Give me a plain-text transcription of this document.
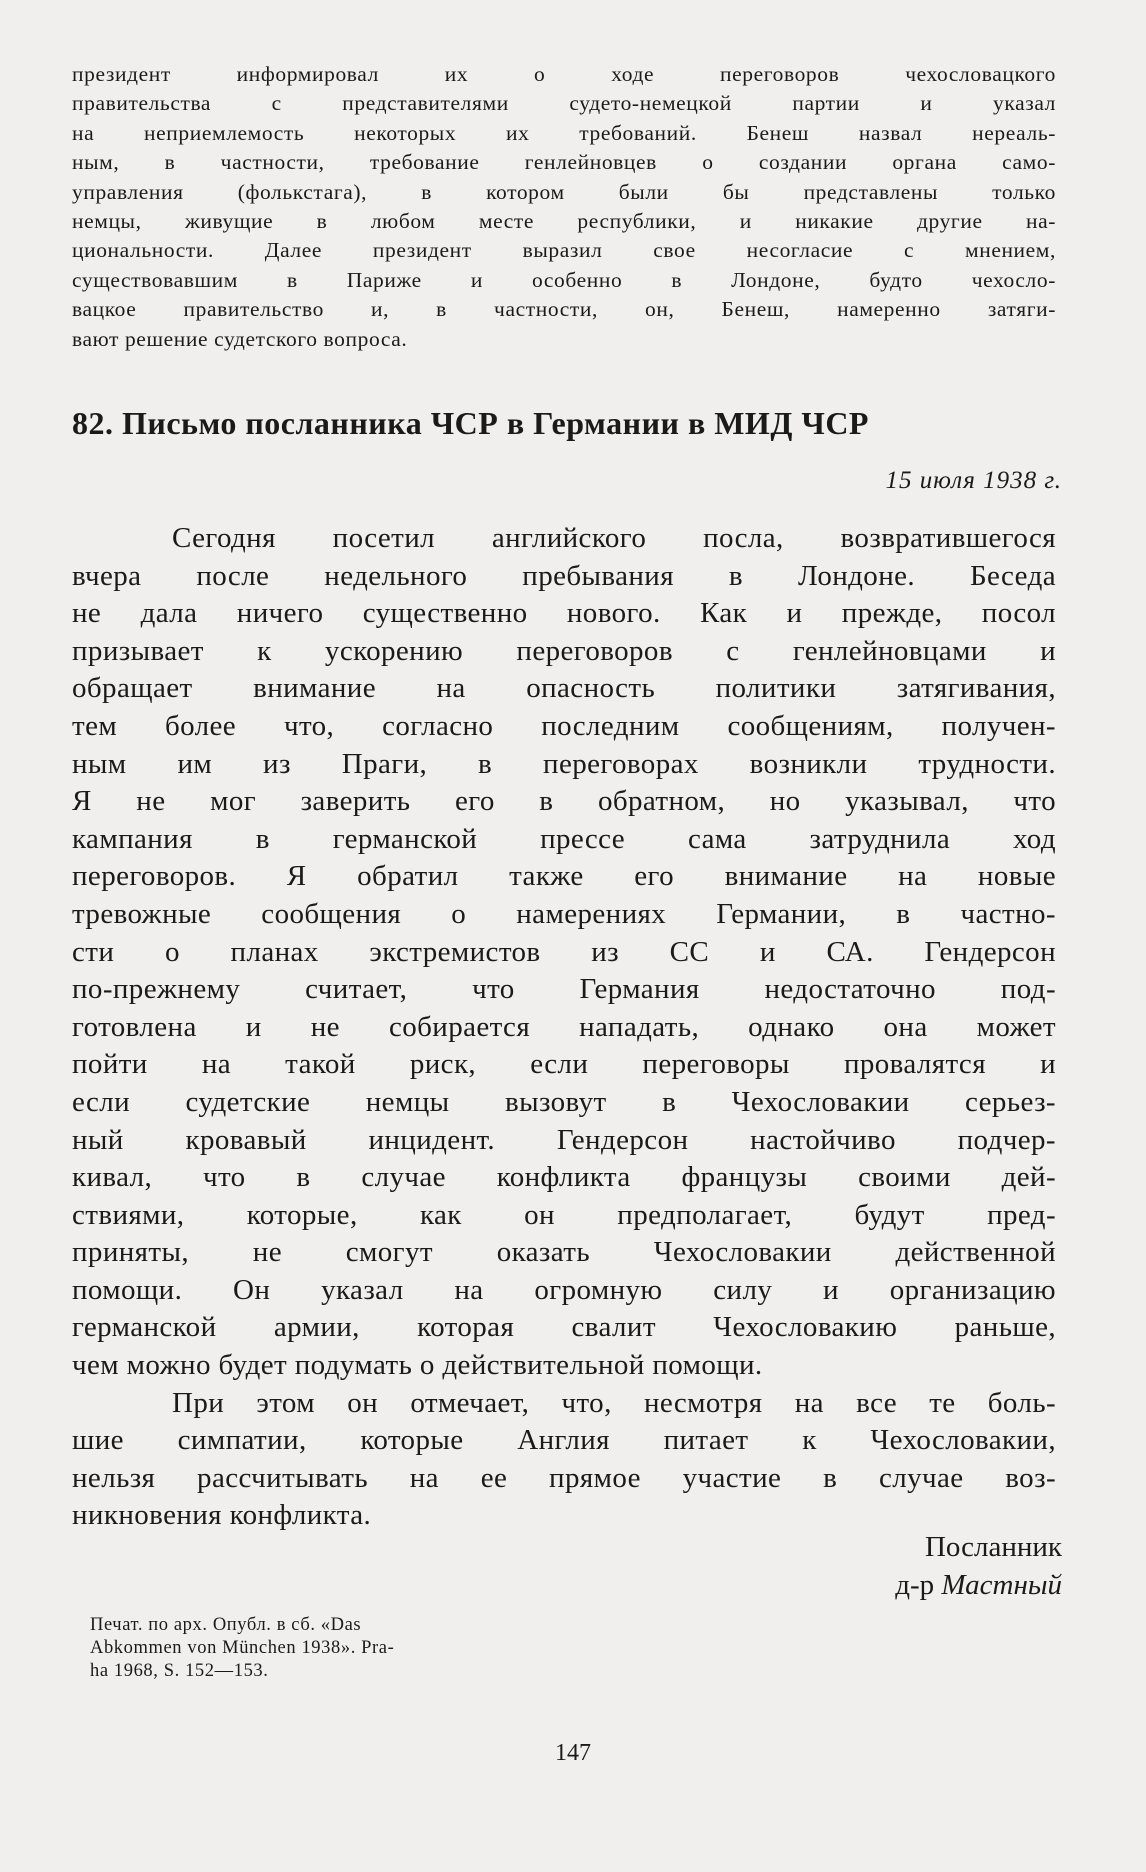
президент информировал их о ходе переговоров чехословацкого
правительства с представителями судето-немецкой партии и указал
на неприемлемость некоторых их требований. Бенеш назвал нереаль-
ным, в частности, требование генлейновцев о создании органа само-
управления (фолькстага), в котором были бы представлены только
немцы, живущие в любом месте республики, и никакие другие на-
циональности. Далее президент выразил свое несогласие с мнением,
существовавшим в Париже и особенно в Лондоне, будто чехосло-
вацкое правительство и, в частности, он, Бенеш, намеренно затяги-
вают решение судетского вопроса.
82. Письмо посланника ЧСР в Германии в МИД ЧСР
15 июля 1938 г.
Сегодня посетил английского посла, возвратившегося
вчера после недельного пребывания в Лондоне. Беседа
не дала ничего существенно нового. Как и прежде, посол
призывает к ускорению переговоров с генлейновцами и
обращает внимание на опасность политики затягивания,
тем более что, согласно последним сообщениям, получен-
ным им из Праги, в переговорах возникли трудности.
Я не мог заверить его в обратном, но указывал, что
кампания в германской прессе сама затруднила ход
переговоров. Я обратил также его внимание на новые
тревожные сообщения о намерениях Германии, в частно-
сти о планах экстремистов из СС и СА. Гендерсон
по-прежнему считает, что Германия недостаточно под-
готовлена и не собирается нападать, однако она может
пойти на такой риск, если переговоры провалятся и
если судетские немцы вызовут в Чехословакии серьез-
ный кровавый инцидент. Гендерсон настойчиво подчер-
кивал, что в случае конфликта французы своими дей-
ствиями, которые, как он предполагает, будут пред-
приняты, не смогут оказать Чехословакии действенной
помощи. Он указал на огромную силу и организацию
германской армии, которая свалит Чехословакию раньше,
чем можно будет подумать о действительной помощи.
При этом он отмечает, что, несмотря на все те боль-
шие симпатии, которые Англия питает к Чехословакии,
нельзя рассчитывать на ее прямое участие в случае воз-
никновения конфликта.
Посланник
д-р Мастный
Печат. по арх. Опубл. в сб. «Das
Abkommen von München 1938». Pra-
ha 1968, S. 152—153.
147
